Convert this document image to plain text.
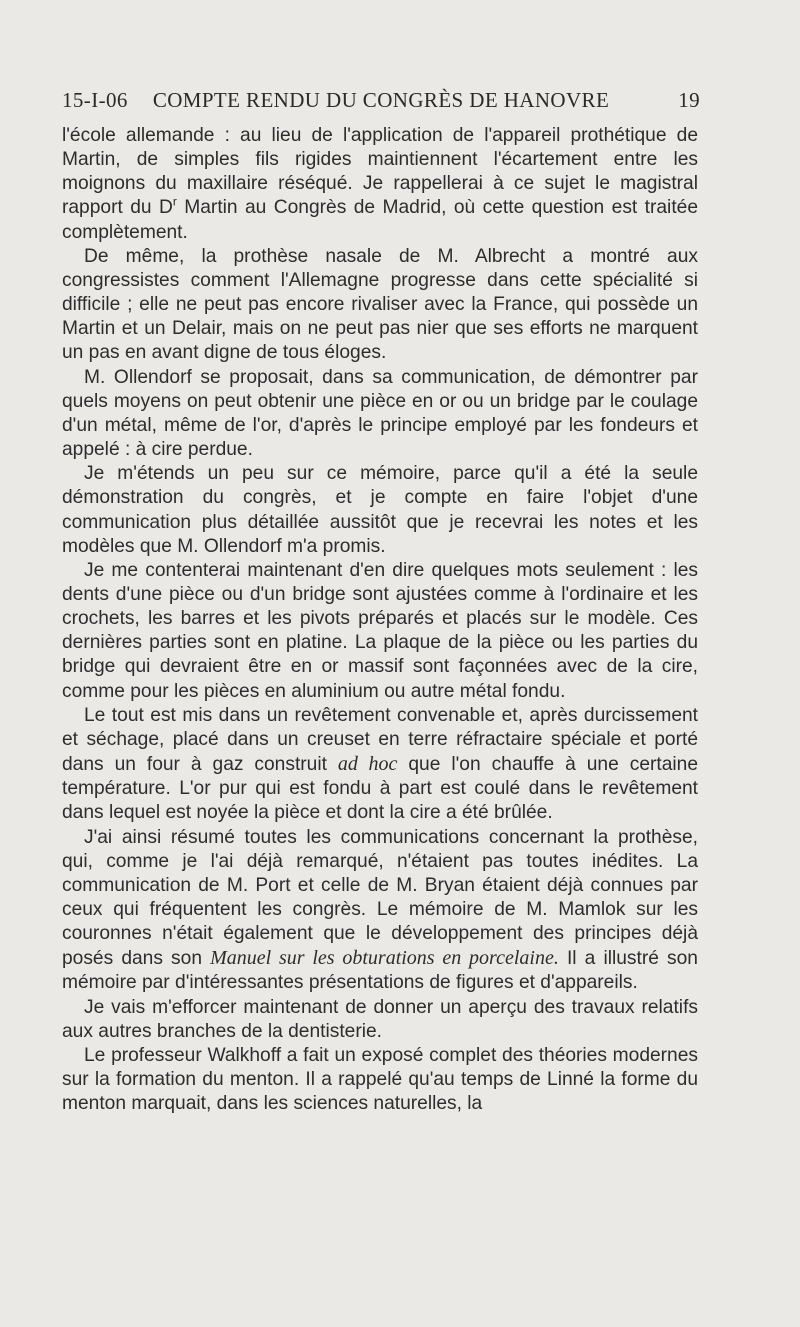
15-I-06	COMPTE RENDU DU CONGRÈS DE HANOVRE	19

l'école allemande : au lieu de l'application de l'appareil prothétique de Martin, de simples fils rigides maintiennent l'écartement entre les moignons du maxillaire réséqué. Je rappellerai à ce sujet le magistral rapport du $D^r$ Martin au Congrès de Madrid, où cette question est traitée complètement.

De même, la prothèse nasale de M. Albrecht a montré aux congressistes comment l'Allemagne progresse dans cette spécialité si difficile ; elle ne peut pas encore rivaliser avec la France, qui possède un Martin et un Delair, mais on ne peut pas nier que ses efforts ne marquent un pas en avant digne de tous éloges.

M. Ollendorf se proposait, dans sa communication, de démontrer par quels moyens on peut obtenir une pièce en or ou un bridge par le coulage d'un métal, même de l'or, d'après le principe employé par les fondeurs et appelé : à cire perdue.

Je m'étends un peu sur ce mémoire, parce qu'il a été la seule démonstration du congrès, et je compte en faire l'objet d'une communication plus détaillée aussitôt que je recevrai les notes et les modèles que M. Ollendorf m'a promis.

Je me contenterai maintenant d'en dire quelques mots seulement : les dents d'une pièce ou d'un bridge sont ajustées comme à l'ordinaire et les crochets, les barres et les pivots préparés et placés sur le modèle. Ces dernières parties sont en platine. La plaque de la pièce ou les parties du bridge qui devraient être en or massif sont façonnées avec de la cire, comme pour les pièces en aluminium ou autre métal fondu.

Le tout est mis dans un revêtement convenable et, après durcissement et séchage, placé dans un creuset en terre réfractaire spéciale et porté dans un four à gaz construit ad hoc que l'on chauffe à une certaine température. L'or pur qui est fondu à part est coulé dans le revêtement dans lequel est noyée la pièce et dont la cire a été brûlée.

J'ai ainsi résumé toutes les communications concernant la prothèse, qui, comme je l'ai déjà remarqué, n'étaient pas toutes inédites. La communication de M. Port et celle de M. Bryan étaient déjà connues par ceux qui fréquentent les congrès. Le mémoire de M. Mamlok sur les couronnes n'était également que le développement des principes déjà posés dans son Manuel sur les obturations en porcelaine. Il a illustré son mémoire par d'intéressantes présentations de figures et d'appareils.

Je vais m'efforcer maintenant de donner un aperçu des travaux relatifs aux autres branches de la dentisterie.

Le professeur Walkhoff a fait un exposé complet des théories modernes sur la formation du menton. Il a rappelé qu'au temps de Linné la forme du menton marquait, dans les sciences naturelles, la
